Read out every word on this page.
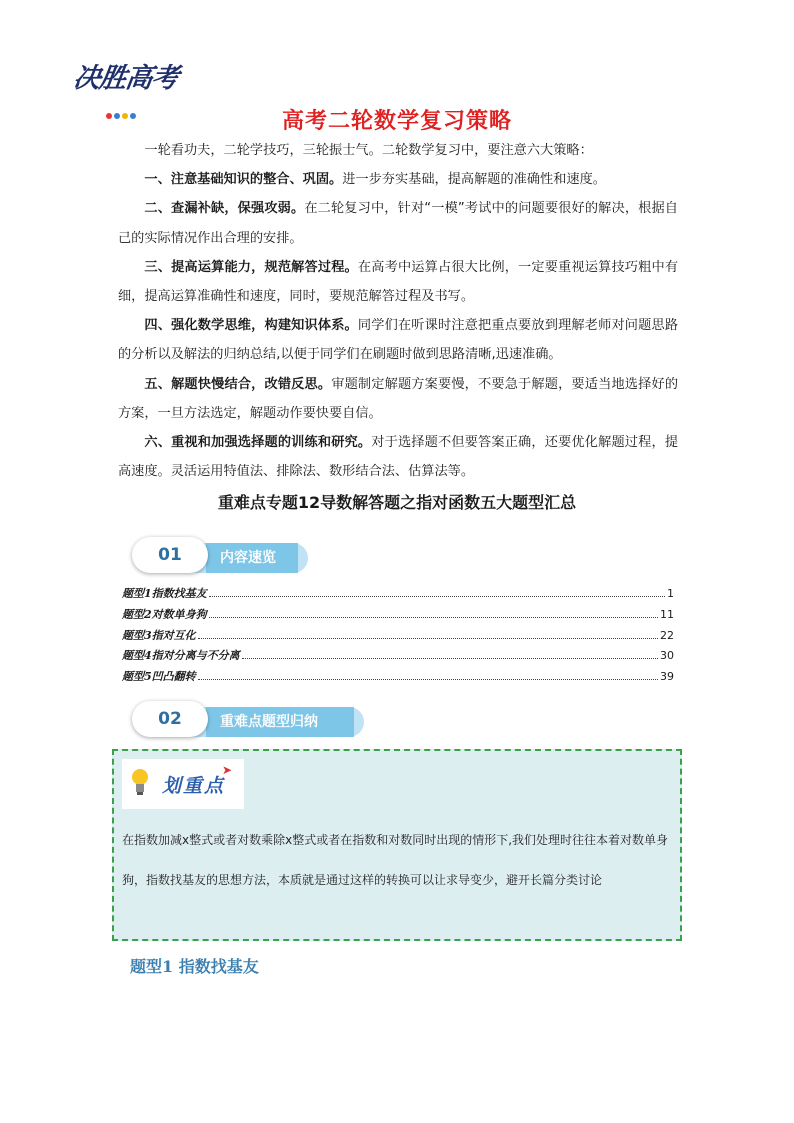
决胜高考
高考二轮数学复习策略

一轮看功夫，二轮学技巧，三轮振士气。二轮数学复习中，要注意六大策略：

一、注意基础知识的整合、巩固。进一步夯实基础，提高解题的准确性和速度。

二、查漏补缺，保强攻弱。在二轮复习中，针对“一模”考试中的问题要很好的解决，根据自己的实际情况作出合理的安排。

三、提高运算能力，规范解答过程。在高考中运算占很大比例，一定要重视运算技巧粗中有细，提高运算准确性和速度，同时，要规范解答过程及书写。

四、强化数学思维，构建知识体系。同学们在听课时注意把重点要放到理解老师对问题思路的分析以及解法的归纳总结,以便于同学们在刷题时做到思路清晰,迅速准确。

五、解题快慢结合，改错反思。审题制定解题方案要慢，不要急于解题，要适当地选择好的方案，一旦方法选定，解题动作要快要自信。

六、重视和加强选择题的训练和研究。对于选择题不但要答案正确，还要优化解题过程，提高速度。灵活运用特值法、排除法、数形结合法、估算法等。

重难点专题12导数解答题之指对函数五大题型汇总
01	内容速览
题型1指数找基友	1
题型2对数单身狗	11
题型3指对互化	22
题型4指对分离与不分离	30
题型5凹凸翻转	39
02	重难点题型归纳
划重点
➤
在指数加减x整式或者对数乘除x整式或者在指数和对数同时出现的情形下,我们处理时往往本着对数单身狗，指数找基友的思想方法，本质就是通过这样的转换可以让求导变少，避开长篇分类讨论
题型1 指数找基友
